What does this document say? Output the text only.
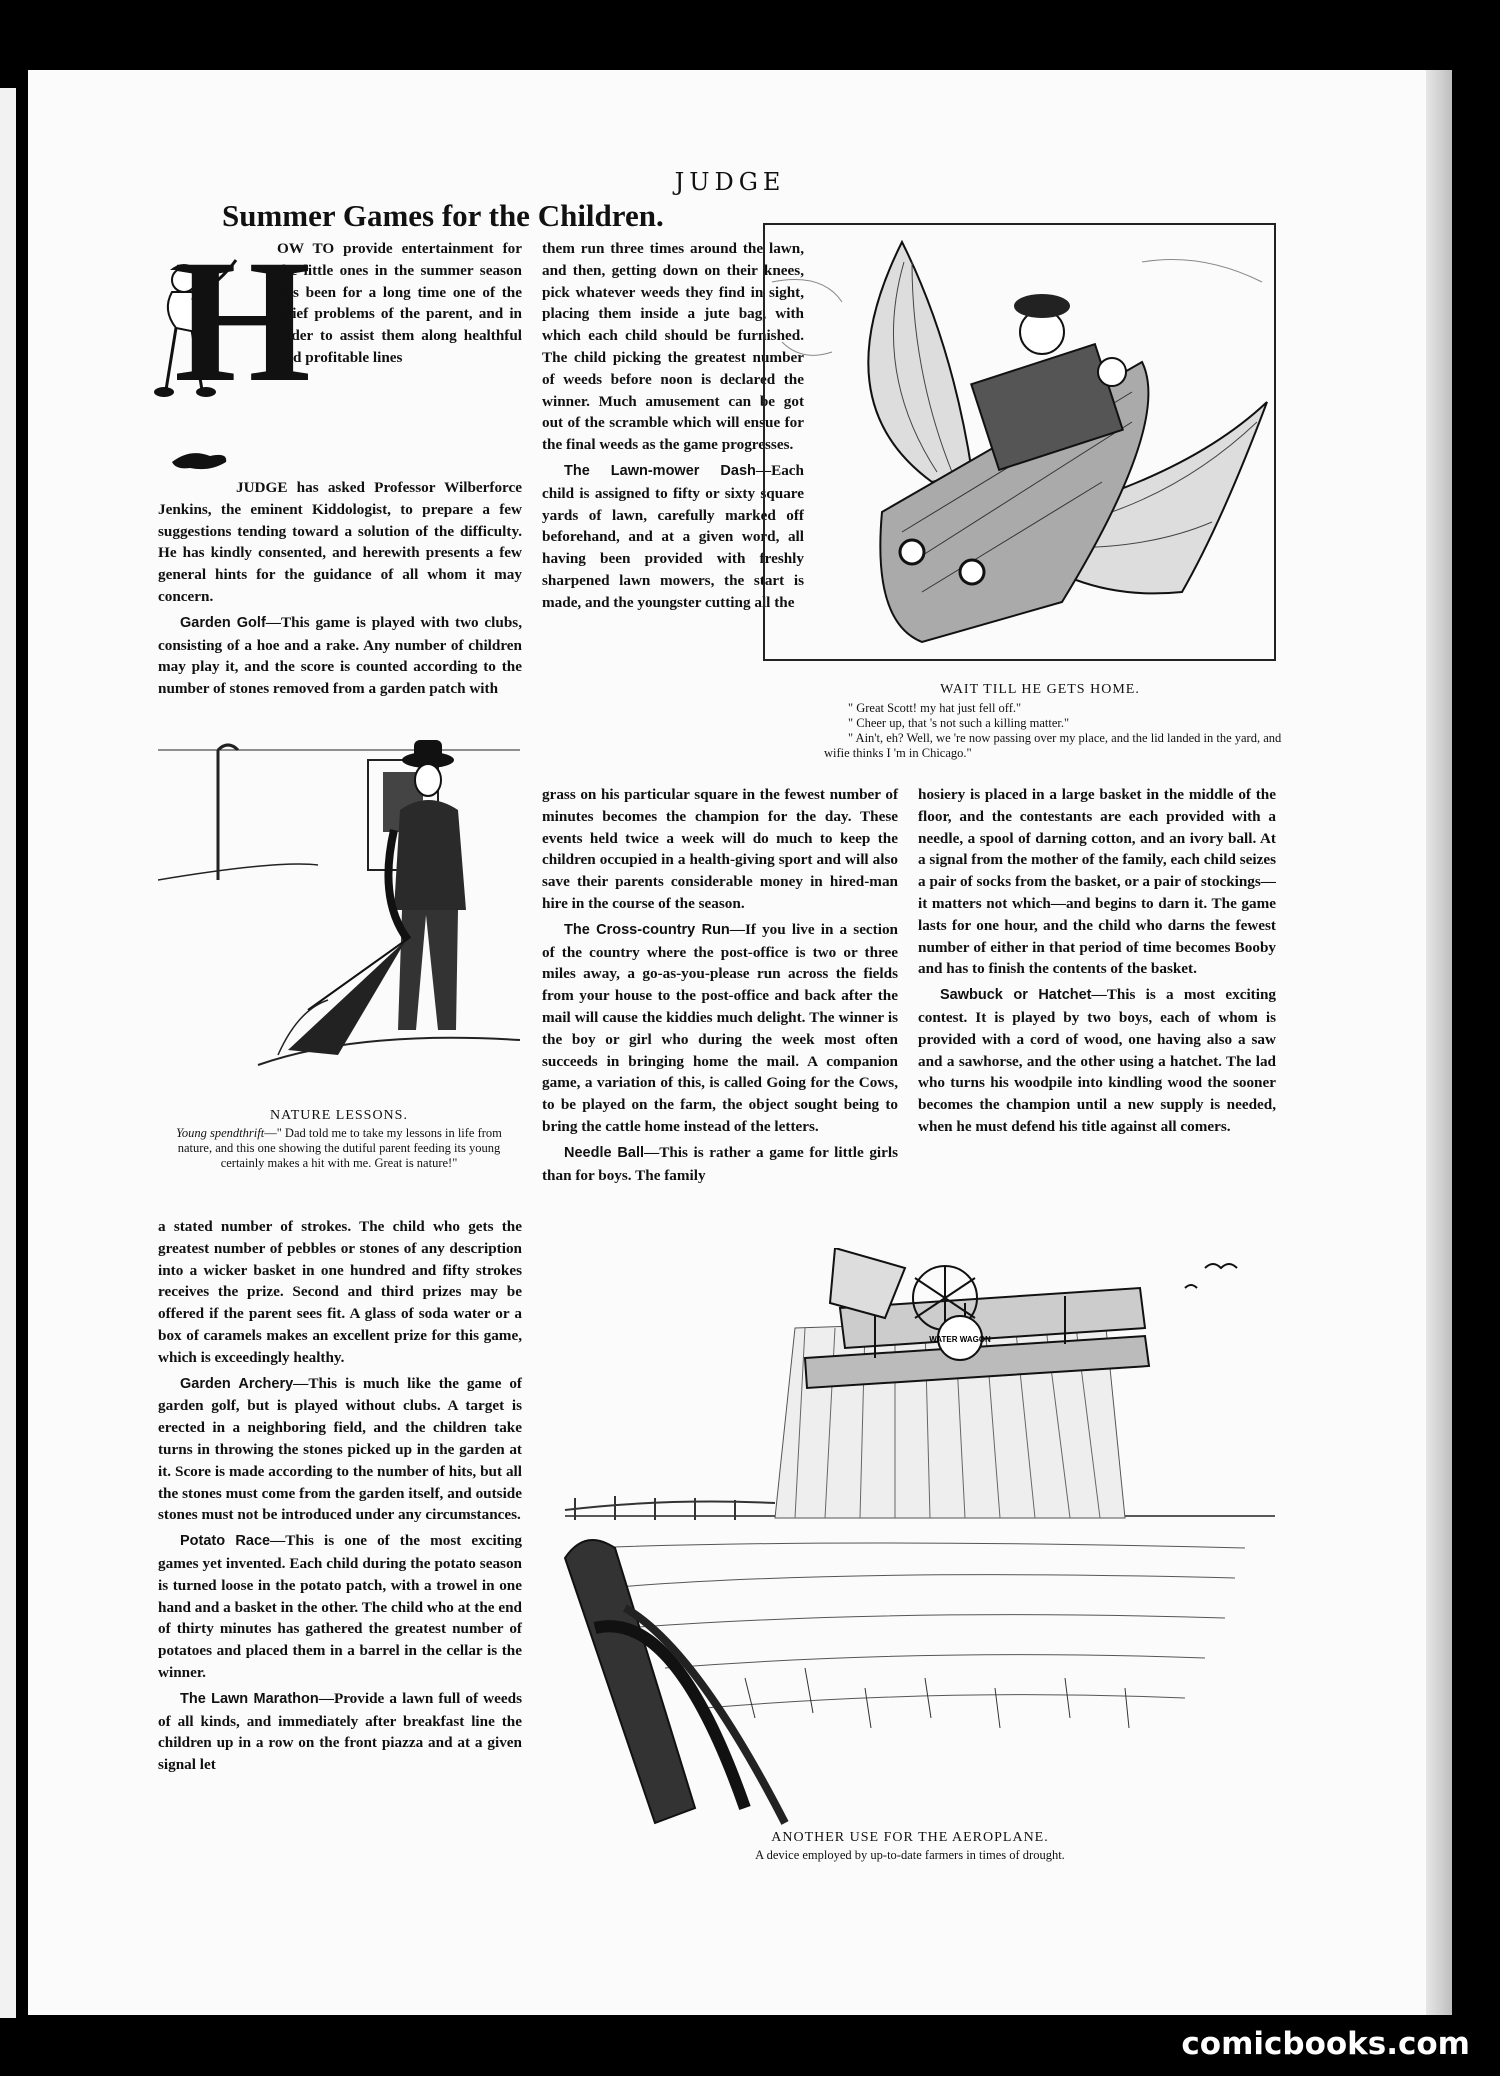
JUDGE
Summer Games for the Children.
H

OW TO provide entertainment for the little ones in the summer season has been for a long time one of the chief problems of the parent, and in order to assist them along healthful and profitable lines

JUDGE has asked Professor Wilberforce Jenkins, the eminent Kiddologist, to prepare a few suggestions tending toward a solution of the difficulty. He has kindly consented, and herewith presents a few general hints for the guidance of all whom it may concern.

Garden Golf—This game is played with two clubs, consisting of a hoe and a rake. Any number of children may play it, and the score is counted according to the number of stones removed from a garden patch with

NATURE LESSONS.
Young spendthrift—" Dad told me to take my lessons in life from nature, and this one showing the dutiful parent feeding its young certainly makes a hit with me. Great is nature!"

a stated number of strokes. The child who gets the greatest number of pebbles or stones of any description into a wicker basket in one hundred and fifty strokes receives the prize. Second and third prizes may be offered if the parent sees fit. A glass of soda water or a box of caramels makes an excellent prize for this game, which is exceedingly healthy.

Garden Archery—This is much like the game of garden golf, but is played without clubs. A target is erected in a neighboring field, and the children take turns in throwing the stones picked up in the garden at it. Score is made according to the number of hits, but all the stones must come from the garden itself, and outside stones must not be introduced under any circumstances.

Potato Race—This is one of the most exciting games yet invented. Each child during the potato season is turned loose in the potato patch, with a trowel in one hand and a basket in the other. The child who at the end of thirty minutes has gathered the greatest number of potatoes and placed them in a barrel in the cellar is the winner.

The Lawn Marathon—Provide a lawn full of weeds of all kinds, and immediately after breakfast line the children up in a row on the front piazza and at a given signal let

them run three times around the lawn, and then, getting down on their knees, pick whatever weeds they find in sight, placing them inside a jute bag, with which each child should be furnished. The child picking the greatest number of weeds before noon is declared the winner. Much amusement can be got out of the scramble which will ensue for the final weeds as the game progresses.

The Lawn-mower Dash—Each child is assigned to fifty or sixty square yards of lawn, carefully marked off beforehand, and at a given word, all having been provided with freshly sharpened lawn mowers, the start is made, and the youngster cutting all the

WAIT TILL HE GETS HOME.
" Great Scott! my hat just fell off."
" Cheer up, that 's not such a killing matter."
" Ain't, eh? Well, we 're now passing over my place, and the lid landed in the yard, and wifie thinks I 'm in Chicago."

grass on his particular square in the fewest number of minutes becomes the champion for the day. These events held twice a week will do much to keep the children occupied in a health-giving sport and will also save their parents considerable money in hired-man hire in the course of the season.

The Cross-country Run—If you live in a section of the country where the post-office is two or three miles away, a go-as-you-please run across the fields from your house to the post-office and back after the mail will cause the kiddies much delight. The winner is the boy or girl who during the week most often succeeds in bringing home the mail. A companion game, a variation of this, is called Going for the Cows, to be played on the farm, the object sought being to bring the cattle home instead of the letters.

Needle Ball—This is rather a game for little girls than for boys. The family

hosiery is placed in a large basket in the middle of the floor, and the contestants are each provided with a needle, a spool of darning cotton, and an ivory ball. At a signal from the mother of the family, each child seizes a pair of socks from the basket, or a pair of stockings—it matters not which—and begins to darn it. The game lasts for one hour, and the child who darns the fewest number of either in that period of time becomes Booby and has to finish the contents of the basket.

Sawbuck or Hatchet—This is a most exciting contest. It is played by two boys, each of whom is provided with a cord of wood, one having also a saw and a sawhorse, and the other using a hatchet. The lad who turns his woodpile into kindling wood the sooner becomes the champion until a new supply is needed, when he must defend his title against all comers.

WATER WAGON
ANOTHER USE FOR THE AEROPLANE.
A device employed by up-to-date farmers in times of drought.
comicbooks.com
